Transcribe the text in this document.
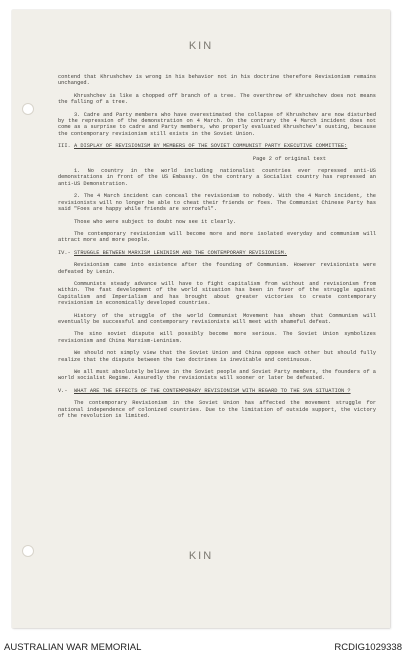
KIN

contend that Khrushchev is wrong in his behavior not in his doctrine therefore Revisionism remains unchanged.

Khrushchev is like a chopped off branch of a tree. The overthrow of Khrushchev does not means the falling of a tree.

3. Cadre and Party members who have overestimated the collapse of Khrushchev are now disturbed by the repression of the demonstration on 4 March. On the contrary the 4 March incident does not come as a surprise to cadre and Party members, who properly evaluated Khrushchev's ousting, because the contemporary revisionism still exists in the Soviet Union.

III. A DISPLAY OF REVISIONISM BY MEMBERS OF THE SOVIET COMMUNIST PARTY EXECUTIVE COMMITTEE:
Page 2 of original text

1. No country in the world including nationalist countries ever repressed anti-US demonstrations in front of the US Embassy. On the contrary a Socialist country has repressed an anti-US Demonstration.

2. The 4 March incident can conceal the revisionism to nobody. With the 4 March incident, the revisionists will no longer be able to cheat their friends or foes. The Communist Chinese Party has said "Foes are happy while friends are sorrowful".

Those who were subject to doubt now see it clearly.

The contemporary revisionism will become more and more isolated everyday and communism will attract more and more people.

IV.- STRUGGLE BETWEEN MARXISM LENINISM AND THE CONTEMPORARY REVISIONISM.

Revisionism came into existence after the founding of Communism. However revisionists were defeated by Lenin.

Communists steady advance will have to fight capitalism from without and revisionism from within. The fast development of the world situation has been in favor of the struggle against Capitalism and Imperialism and has brought about greater victories to create contemporary revisionism in economically developed countries.

History of the struggle of the world Communist Movement has shown that Communism will eventually be successful and contemporary revisionists will meet with shameful defeat.

The sino soviet dispute will possibly become more serious. The Soviet Union symbolizes revisionism and China Marxism-Leninism.

We should not simply view that the Soviet Union and China oppose each other but should fully realize that the dispute between the two doctrines is inevitable and continuous.

We all must absolutely believe in the Soviet people and Soviet Party members, the founders of a world socialist Regime. Assuredly the revisionists will sooner or later be defeated.

V.-	WHAT ARE THE EFFECTS OF THE CONTEMPORARY REVISIONISM WITH REGARD TO THE SVN SITUATION ?

The contemporary Revisionism in the Soviet Union has affected the movement struggle for national independence of colonized countries. Due to the limitation of outside support, the victory of the revolution is limited.

KIN
AUSTRALIAN WAR MEMORIAL	RCDIG1029338
